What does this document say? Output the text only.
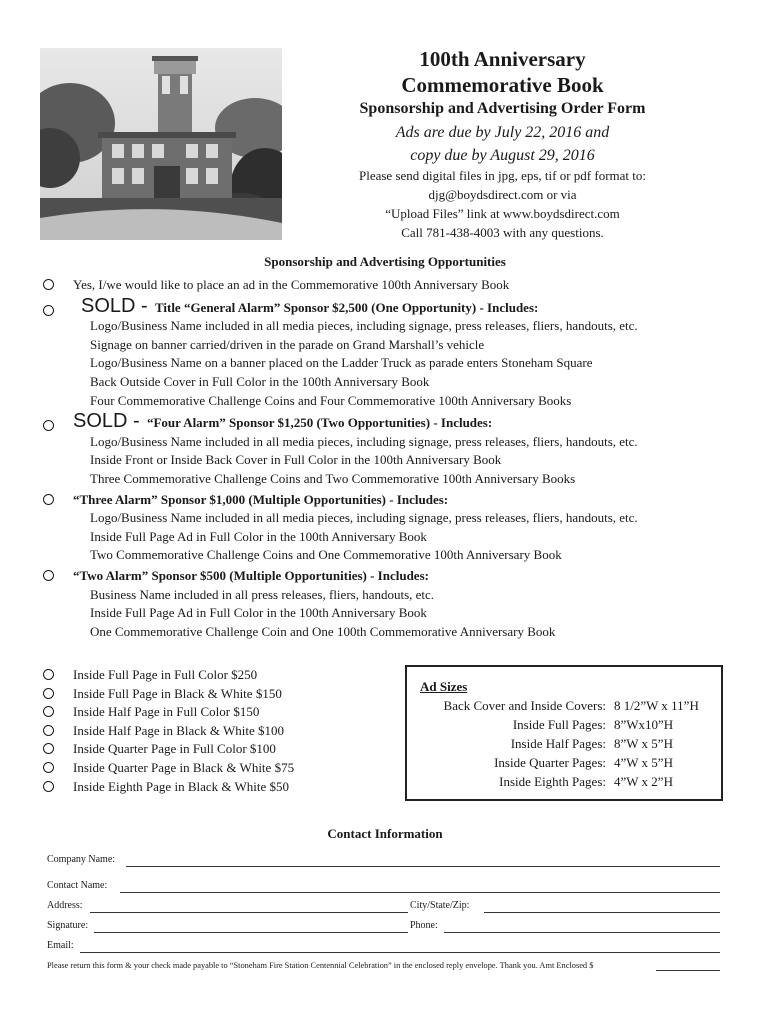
100th Anniversary
Commemorative Book
Sponsorship and Advertising Order Form
Ads are due by July 22, 2016 and
copy due by August 29, 2016
Please send digital files in jpg, eps, tif or pdf format to:
djg@boydsdirect.com or via
“Upload Files” link at www.boydsdirect.com
Call 781-438-4003 with any questions.
Sponsorship and Advertising Opportunities
Yes, I/we would like to place an ad in the Commemorative 100th Anniversary Book
SOLD - Title “General Alarm” Sponsor $2,500 (One Opportunity) - Includes:
Logo/Business Name included in all media pieces, including signage, press releases, fliers, handouts, etc.
Signage on banner carried/driven in the parade on Grand Marshall’s vehicle
Logo/Business Name on a banner placed on the Ladder Truck as parade enters Stoneham Square
Back Outside Cover in Full Color in the 100th Anniversary Book
Four Commemorative Challenge Coins and Four Commemorative 100th Anniversary Books
SOLD - “Four Alarm” Sponsor $1,250 (Two Opportunities) - Includes:
Logo/Business Name included in all media pieces, including signage, press releases, fliers, handouts, etc.
Inside Front or Inside Back Cover in Full Color in the 100th Anniversary Book
Three Commemorative Challenge Coins and Two Commemorative 100th Anniversary Books
“Three Alarm” Sponsor $1,000 (Multiple Opportunities) - Includes:
Logo/Business Name included in all media pieces, including signage, press releases, fliers, handouts, etc.
Inside Full Page Ad in Full Color in the 100th Anniversary Book
Two Commemorative Challenge Coins and One Commemorative 100th Anniversary Book
“Two Alarm” Sponsor $500 (Multiple Opportunities) - Includes:
Business Name included in all press releases, fliers, handouts, etc.
Inside Full Page Ad in Full Color in the 100th Anniversary Book
One Commemorative Challenge Coin and One 100th Commemorative Anniversary Book
Inside Full Page in Full Color $250
Inside Full Page in Black & White $150
Inside Half Page in Full Color $150
Inside Half Page in Black & White $100
Inside Quarter Page in Full Color $100
Inside Quarter Page in Black & White $75
Inside Eighth Page in Black & White $50
Ad Sizes
Back Cover and Inside Covers: 8 1/2”W x 11”H
Inside Full Pages: 8”Wx10”H
Inside Half Pages: 8”W x 5”H
Inside Quarter Pages: 4”W x 5”H
Inside Eighth Pages: 4”W x 2”H
Contact Information
Company Name:
Contact Name:
Address:	City/State/Zip:
Signature:	Phone:
Email:
Please return this form & your check made payable to “Stoneham Fire Station Centennial Celebration” in the enclosed reply envelope. Thank you. Amt Enclosed $
